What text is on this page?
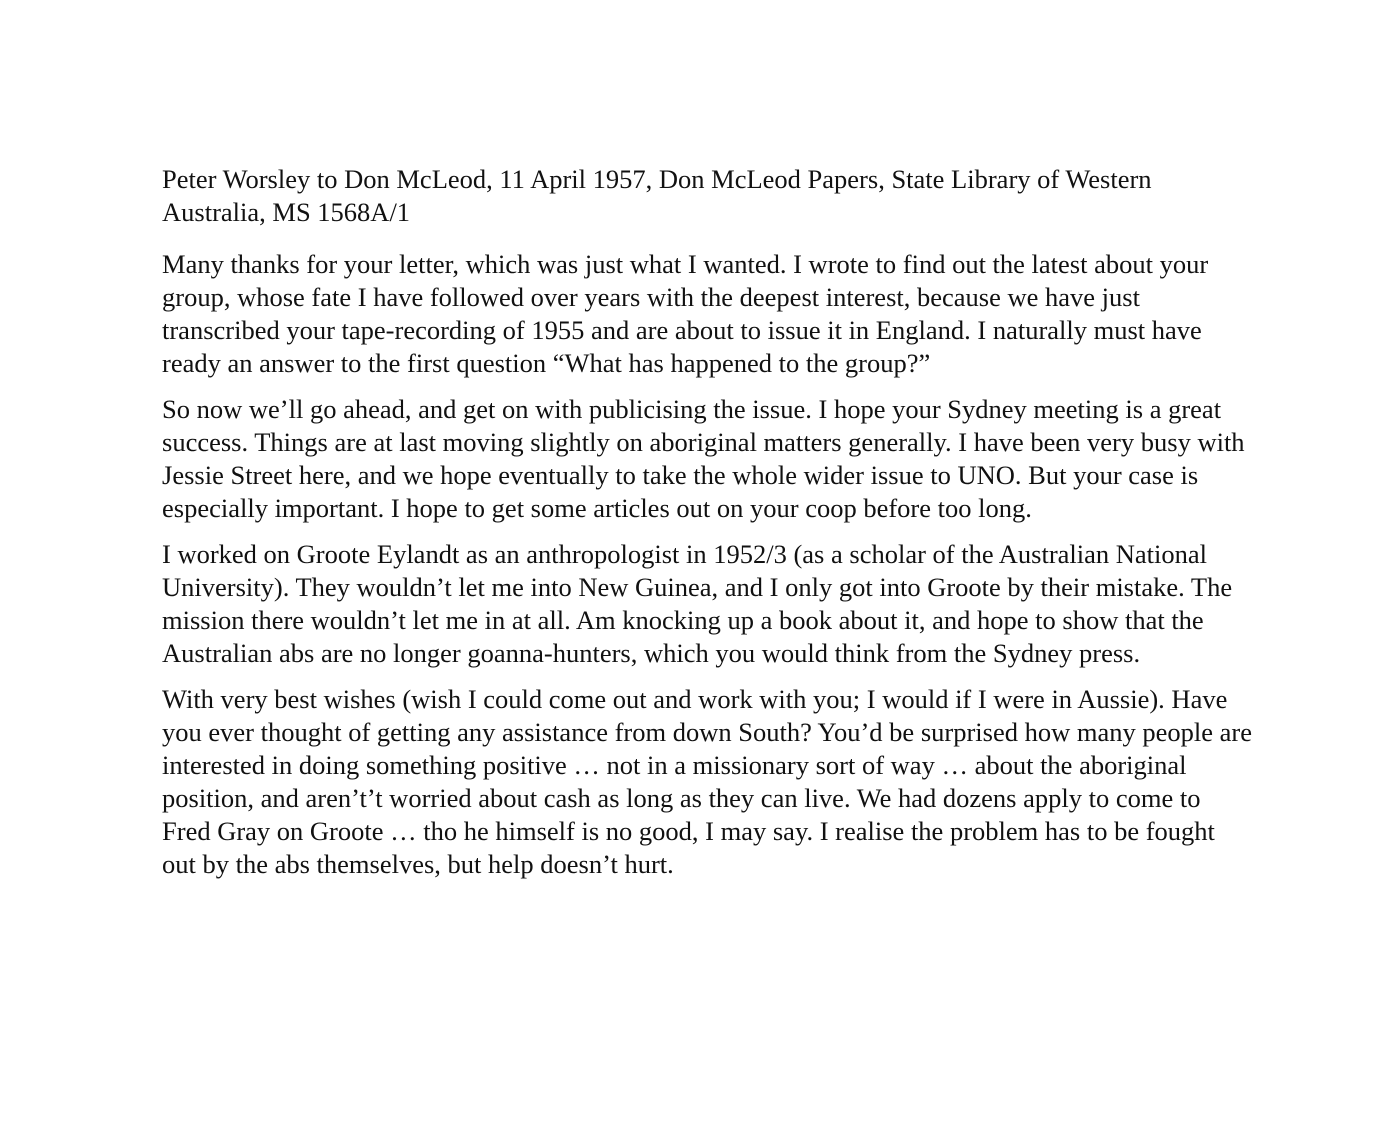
Peter Worsley to Don McLeod, 11 April 1957, Don McLeod Papers, State Library of Western Australia, MS 1568A/1

Many thanks for your letter, which was just what I wanted. I wrote to find out the latest about your group, whose fate I have followed over years with the deepest interest, because we have just transcribed your tape-recording of 1955 and are about to issue it in England. I naturally must have ready an answer to the first question “What has happened to the group?”

So now we’ll go ahead, and get on with publicising the issue. I hope your Sydney meeting is a great success. Things are at last moving slightly on aboriginal matters generally. I have been very busy with Jessie Street here, and we hope eventually to take the whole wider issue to UNO. But your case is especially important. I hope to get some articles out on your coop before too long.

I worked on Groote Eylandt as an anthropologist in 1952/3 (as a scholar of the Australian National University). They wouldn’t let me into New Guinea, and I only got into Groote by their mistake. The mission there wouldn’t let me in at all. Am knocking up a book about it, and hope to show that the Australian abs are no longer goanna-hunters, which you would think from the Sydney press.

With very best wishes (wish I could come out and work with you; I would if I were in Aussie). Have you ever thought of getting any assistance from down South? You’d be surprised how many people are interested in doing something positive … not in a missionary sort of way … about the aboriginal position, and aren’t’t worried about cash as long as they can live. We had dozens apply to come to Fred Gray on Groote … tho he himself is no good, I may say. I realise the problem has to be fought out by the abs themselves, but help doesn’t hurt.
